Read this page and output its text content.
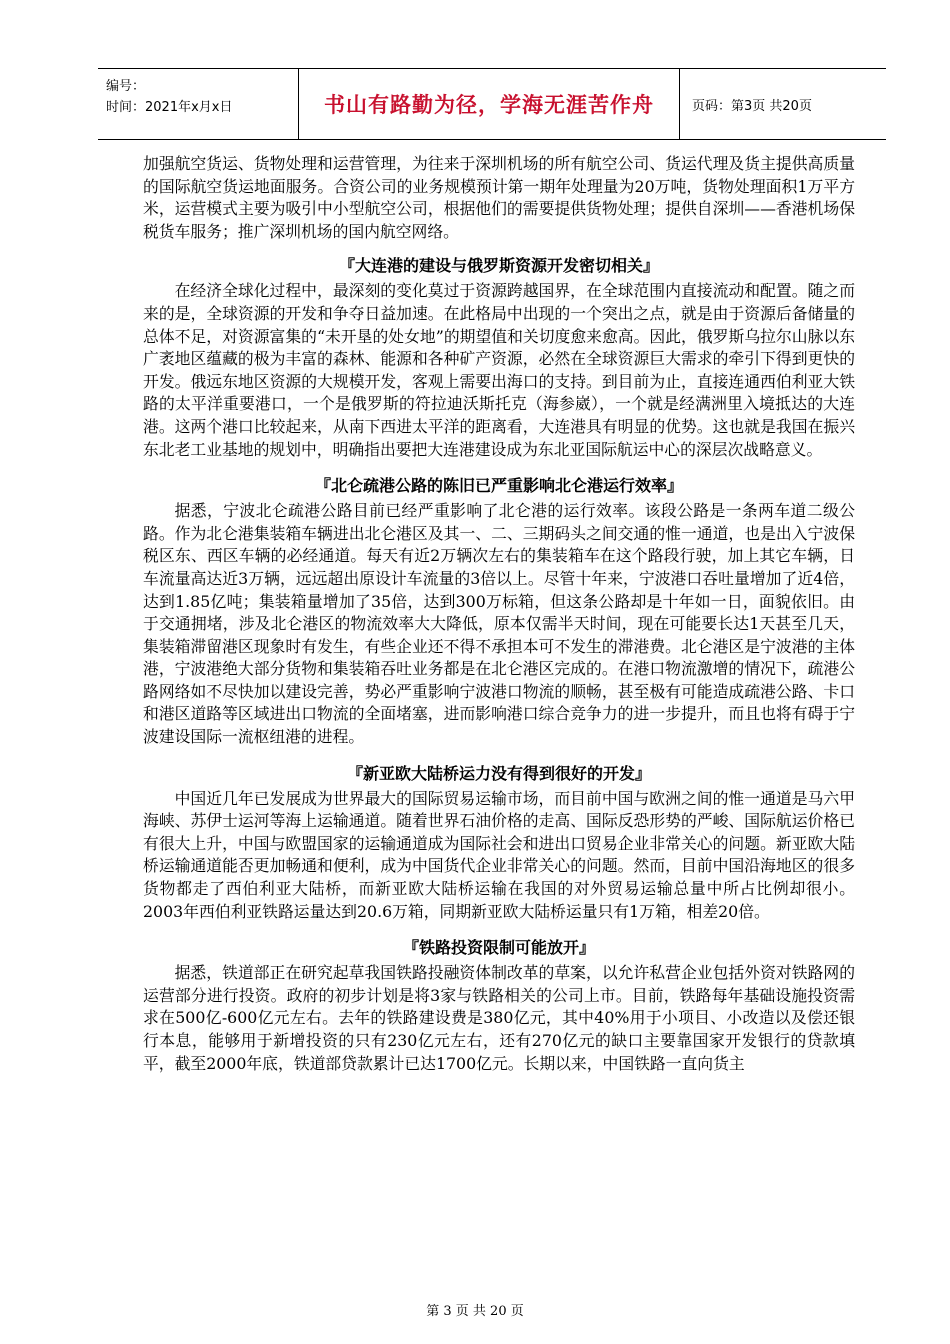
编号：
时间：2021年x月x日	书山有路勤为径，学海无涯苦作舟	页码：第3页 共20页

加强航空货运、货物处理和运营管理，为往来于深圳机场的所有航空公司、货运代理及货主提供高质量的国际航空货运地面服务。合资公司的业务规模预计第一期年处理量为20万吨，货物处理面积1万平方米，运营模式主要为吸引中小型航空公司，根据他们的需要提供货物处理；提供自深圳——香港机场保税货车服务；推广深圳机场的国内航空网络。

『大连港的建设与俄罗斯资源开发密切相关』

在经济全球化过程中，最深刻的变化莫过于资源跨越国界，在全球范围内直接流动和配置。随之而来的是，全球资源的开发和争夺日益加速。在此格局中出现的一个突出之点，就是由于资源后备储量的总体不足，对资源富集的“未开垦的处女地”的期望值和关切度愈来愈高。因此，俄罗斯乌拉尔山脉以东广袤地区蕴藏的极为丰富的森林、能源和各种矿产资源，必然在全球资源巨大需求的牵引下得到更快的开发。俄远东地区资源的大规模开发，客观上需要出海口的支持。到目前为止，直接连通西伯利亚大铁路的太平洋重要港口，一个是俄罗斯的符拉迪沃斯托克（海参崴），一个就是经满洲里入境抵达的大连港。这两个港口比较起来，从南下西进太平洋的距离看，大连港具有明显的优势。这也就是我国在振兴东北老工业基地的规划中，明确指出要把大连港建设成为东北亚国际航运中心的深层次战略意义。

『北仑疏港公路的陈旧已严重影响北仑港运行效率』

据悉，宁波北仑疏港公路目前已经严重影响了北仑港的运行效率。该段公路是一条两车道二级公路。作为北仑港集装箱车辆进出北仑港区及其一、二、三期码头之间交通的惟一通道，也是出入宁波保税区东、西区车辆的必经通道。每天有近2万辆次左右的集装箱车在这个路段行驶，加上其它车辆，日车流量高达近3万辆，远远超出原设计车流量的3倍以上。尽管十年来，宁波港口吞吐量增加了近4倍，达到1.85亿吨；集装箱量增加了35倍，达到300万标箱，但这条公路却是十年如一日，面貌依旧。由于交通拥堵，涉及北仑港区的物流效率大大降低，原本仅需半天时间，现在可能要长达1天甚至几天，集装箱滞留港区现象时有发生，有些企业还不得不承担本可不发生的滞港费。北仑港区是宁波港的主体港，宁波港绝大部分货物和集装箱吞吐业务都是在北仑港区完成的。在港口物流激增的情况下，疏港公路网络如不尽快加以建设完善，势必严重影响宁波港口物流的顺畅，甚至极有可能造成疏港公路、卡口和港区道路等区域进出口物流的全面堵塞，进而影响港口综合竞争力的进一步提升，而且也将有碍于宁波建设国际一流枢纽港的进程。

『新亚欧大陆桥运力没有得到很好的开发』

中国近几年已发展成为世界最大的国际贸易运输市场，而目前中国与欧洲之间的惟一通道是马六甲海峡、苏伊士运河等海上运输通道。随着世界石油价格的走高、国际反恐形势的严峻、国际航运价格已有很大上升，中国与欧盟国家的运输通道成为国际社会和进出口贸易企业非常关心的问题。新亚欧大陆桥运输通道能否更加畅通和便利，成为中国货代企业非常关心的问题。然而，目前中国沿海地区的很多货物都走了西伯利亚大陆桥，而新亚欧大陆桥运输在我国的对外贸易运输总量中所占比例却很小。2003年西伯利亚铁路运量达到20.6万箱，同期新亚欧大陆桥运量只有1万箱，相差20倍。

『铁路投资限制可能放开』

据悉，铁道部正在研究起草我国铁路投融资体制改革的草案，以允许私营企业包括外资对铁路网的运营部分进行投资。政府的初步计划是将3家与铁路相关的公司上市。目前，铁路每年基础设施投资需求在500亿-600亿元左右。去年的铁路建设费是380亿元，其中40%用于小项目、小改造以及偿还银行本息，能够用于新增投资的只有230亿元左右，还有270亿元的缺口主要靠国家开发银行的贷款填平，截至2000年底，铁道部贷款累计已达1700亿元。长期以来，中国铁路一直向货主

第 3 页 共 20 页
